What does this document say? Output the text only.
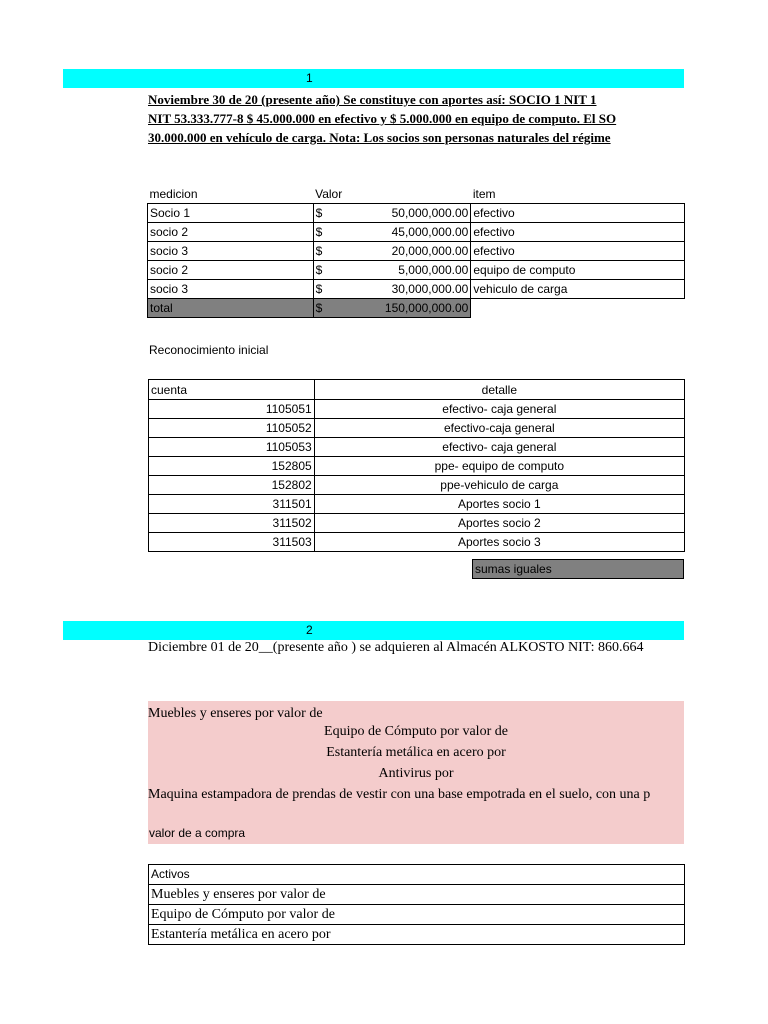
1
Noviembre 30 de 20 (presente año) Se constituye con aportes así: SOCIO 1 NIT 1
NIT 53.333.777-8 $ 45.000.000 en efectivo y $ 5.000.000 en equipo de computo. El SO
30.000.000 en vehículo de carga. Nota: Los socios son personas naturales del régime
medicion	Valor		item
Socio 1	$	50,000,000.00	efectivo
socio 2	$	45,000,000.00	efectivo
socio 3	$	20,000,000.00	efectivo
socio 2	$	5,000,000.00	equipo de computo
socio 3	$	30,000,000.00	vehiculo de carga
total	$	150,000,000.00	
Reconocimiento inicial
cuenta	detalle
1105051	efectivo- caja general
1105052	efectivo-caja general
1105053	efectivo- caja general
152805	ppe- equipo de computo
152802	ppe-vehiculo de carga
311501	Aportes socio 1
311502	Aportes socio 2
311503	Aportes socio 3
sumas iguales
2
Diciembre 01 de 20__(presente año ) se adquieren al Almacén ALKOSTO NIT: 860.664
Muebles y enseres por valor de
Equipo de Cómputo por valor de
Estantería metálica en acero por
Antivirus por
Maquina estampadora de prendas de vestir con una base empotrada en el suelo, con una p
valor de a compra
Activos
Muebles y enseres por valor de
Equipo de Cómputo por valor de
Estantería metálica en acero por
